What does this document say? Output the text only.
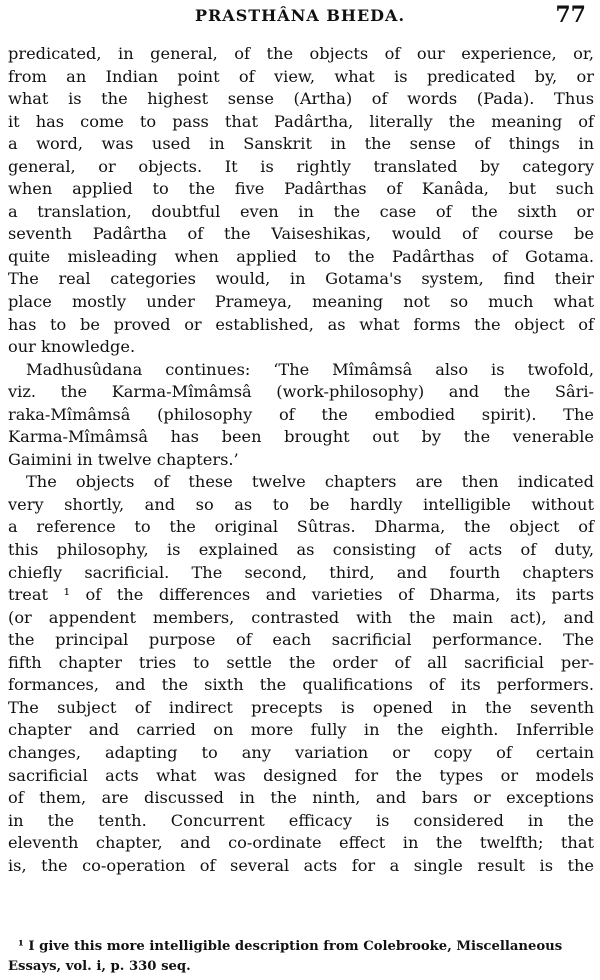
PRASTHÂNA BHEDA.	77

predicated, in general, of the objects of our experience, or,
from an Indian point of view, what is predicated by, or
what is the highest sense (Artha) of words (Pada). Thus
it has come to pass that Padârtha, literally the meaning of
a word, was used in Sanskrit in the sense of things in
general, or objects. It is rightly translated by category
when applied to the five Padârthas of Kanâda, but such
a translation, doubtful even in the case of the sixth or
seventh Padârtha of the Vaiseshikas, would of course be
quite misleading when applied to the Padârthas of Gotama.
The real categories would, in Gotama's system, find their
place mostly under Prameya, meaning not so much what
has to be proved or established, as what forms the object of
our knowledge.

Madhusûdana continues: ‘The Mîmâmsâ also is twofold,
viz. the Karma-Mîmâmsâ (work-philosophy) and the Sâri-
raka-Mîmâmsâ (philosophy of the embodied spirit). The
Karma-Mîmâmsâ has been brought out by the venerable
Gaimini in twelve chapters.’

The objects of these twelve chapters are then indicated
very shortly, and so as to be hardly intelligible without
a reference to the original Sûtras. Dharma, the object of
this philosophy, is explained as consisting of acts of duty,
chiefly sacrificial. The second, third, and fourth chapters
treat ¹ of the differences and varieties of Dharma, its parts
(or appendent members, contrasted with the main act), and
the principal purpose of each sacrificial performance. The
fifth chapter tries to settle the order of all sacrificial per-
formances, and the sixth the qualifications of its performers.
The subject of indirect precepts is opened in the seventh
chapter and carried on more fully in the eighth. Inferrible
changes, adapting to any variation or copy of certain
sacrificial acts what was designed for the types or models
of them, are discussed in the ninth, and bars or exceptions
in the tenth. Concurrent efficacy is considered in the
eleventh chapter, and co-ordinate effect in the twelfth; that
is, the co-operation of several acts for a single result is the

¹ I give this more intelligible description from Colebrooke, Miscellaneous
Essays, vol. i, p. 330 seq.
